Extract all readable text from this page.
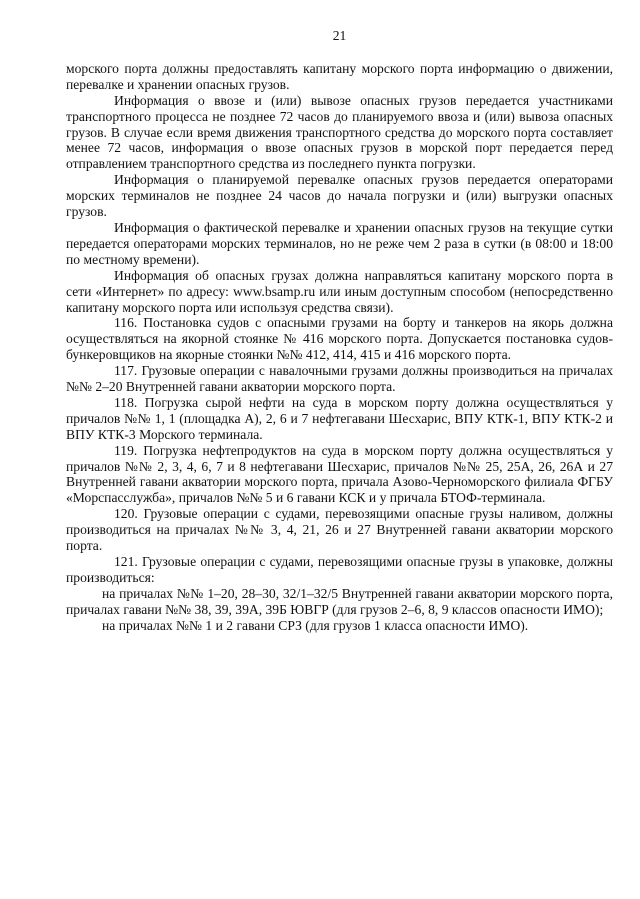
21

морского порта должны предоставлять капитану морского порта информацию о движении, перевалке и хранении опасных грузов.

Информация о ввозе и (или) вывозе опасных грузов передается участниками транспортного процесса не позднее 72 часов до планируемого ввоза и (или) вывоза опасных грузов. В случае если время движения транспортного средства до морского порта составляет менее 72 часов, информация о ввозе опасных грузов в морской порт передается перед отправлением транспортного средства из последнего пункта погрузки.

Информация о планируемой перевалке опасных грузов передается операторами морских терминалов не позднее 24 часов до начала погрузки и (или) выгрузки опасных грузов.

Информация о фактической перевалке и хранении опасных грузов на текущие сутки передается операторами морских терминалов, но не реже чем 2 раза в сутки (в 08:00 и 18:00 по местному времени).

Информация об опасных грузах должна направляться капитану морского порта в сети «Интернет» по адресу: www.bsamp.ru или иным доступным способом (непосредственно капитану морского порта или используя средства связи).

116. Постановка судов с опасными грузами на борту и танкеров на якорь должна осуществляться на якорной стоянке № 416 морского порта. Допускается постановка судов-бункеровщиков на якорные стоянки №№ 412, 414, 415 и 416 морского порта.

117. Грузовые операции с навалочными грузами должны производиться на причалах №№ 2–20 Внутренней гавани акватории морского порта.

118. Погрузка сырой нефти на суда в морском порту должна осуществляться у причалов №№ 1, 1 (площадка А), 2, 6 и 7 нефтегавани Шесхарис, ВПУ КТК-1, ВПУ КТК-2 и ВПУ КТК-3 Морского терминала.

119. Погрузка нефтепродуктов на суда в морском порту должна осуществляться у причалов №№ 2, 3, 4, 6, 7 и 8 нефтегавани Шесхарис, причалов №№ 25, 25А, 26, 26А и 27 Внутренней гавани акватории морского порта, причала Азово-Черноморского филиала ФГБУ «Морспасслужба», причалов №№ 5 и 6 гавани КСК и у причала БТОФ-терминала.

120. Грузовые операции с судами, перевозящими опасные грузы наливом, должны производиться на причалах №№ 3, 4, 21, 26 и 27 Внутренней гавани акватории морского порта.

121. Грузовые операции с судами, перевозящими опасные грузы в упаковке, должны производиться:

на причалах №№ 1–20, 28–30, 32/1–32/5 Внутренней гавани акватории морского порта, причалах гавани №№ 38, 39, 39А, 39Б ЮВГР (для грузов 2–6, 8, 9 классов опасности ИМО);

на причалах №№ 1 и 2 гавани СРЗ (для грузов 1 класса опасности ИМО).
